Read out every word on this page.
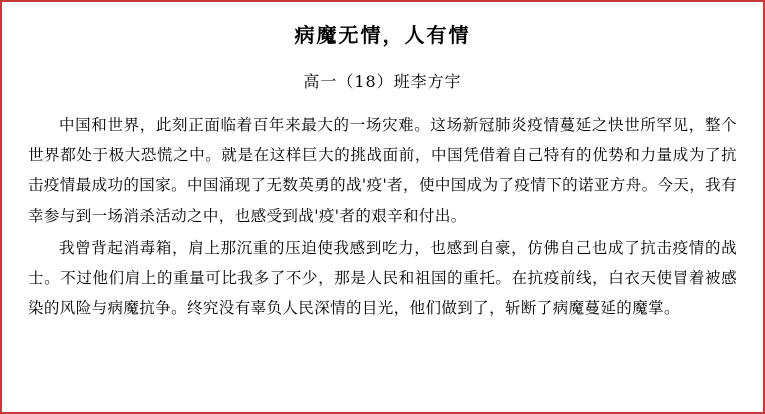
病魔无情，人有情
高一（18）班李方宇

中国和世界，此刻正面临着百年来最大的一场灾难。这场新冠肺炎疫情蔓延之快世所罕见，整个世界都处于极大恐慌之中。就是在这样巨大的挑战面前，中国凭借着自己特有的优势和力量成为了抗击疫情最成功的国家。中国涌现了无数英勇的战'疫'者，使中国成为了疫情下的诺亚方舟。今天，我有幸参与到一场消杀活动之中，也感受到战'疫'者的艰辛和付出。

我曾背起消毒箱，肩上那沉重的压迫使我感到吃力，也感到自豪，仿佛自己也成了抗击疫情的战士。不过他们肩上的重量可比我多了不少，那是人民和祖国的重托。在抗疫前线，白衣天使冒着被感染的风险与病魔抗争。终究没有辜负人民深情的目光，他们做到了，斩断了病魔蔓延的魔掌。
